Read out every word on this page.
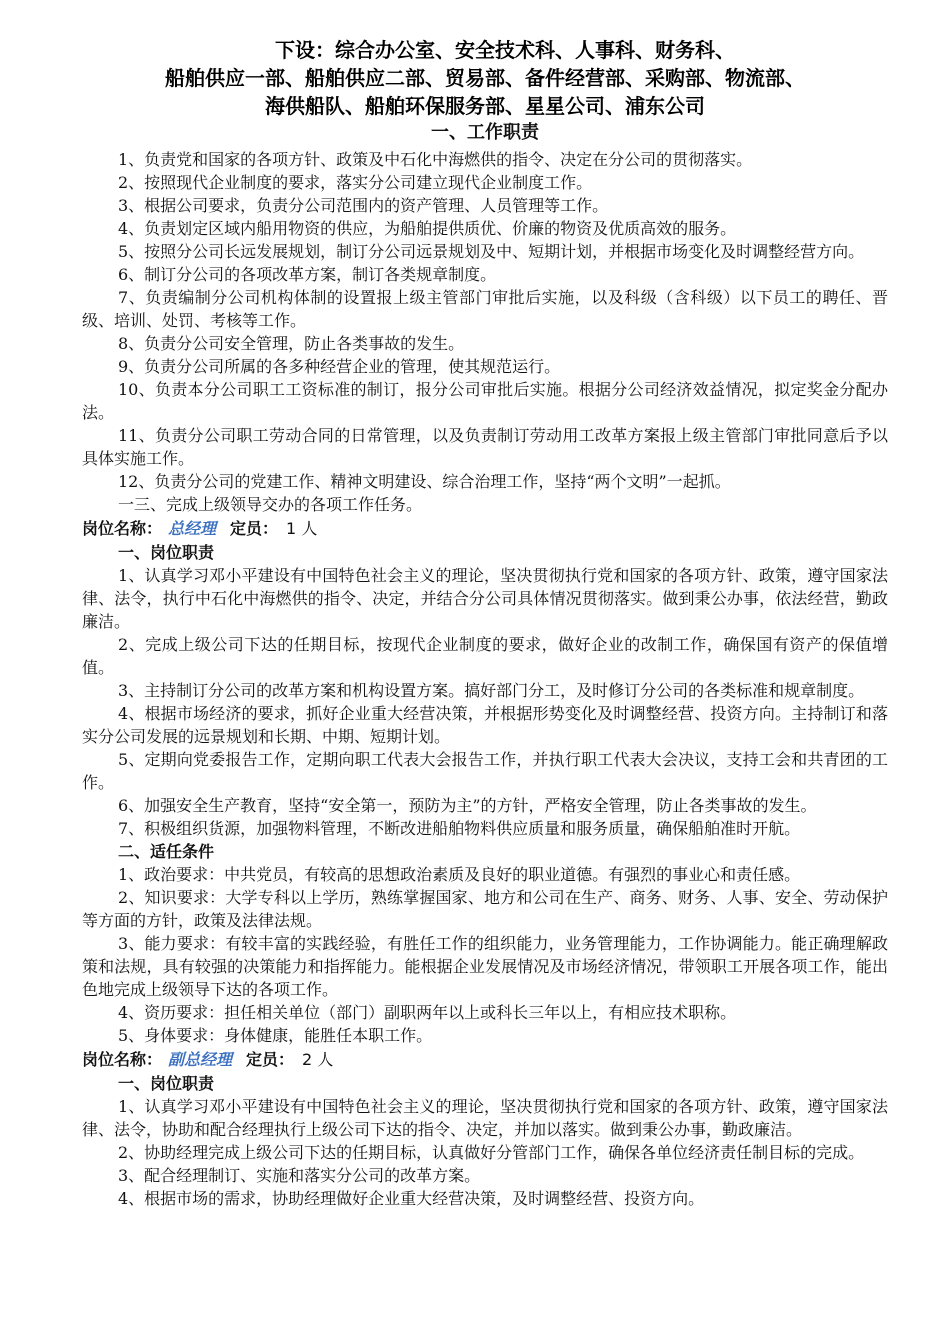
下设：综合办公室、安全技术科、人事科、财务科、
船舶供应一部、船舶供应二部、贸易部、备件经营部、采购部、物流部、
海供船队、船舶环保服务部、星星公司、浦东公司
一、工作职责

1、负责党和国家的各项方针、政策及中石化中海燃供的指令、决定在分公司的贯彻落实。

2、按照现代企业制度的要求，落实分公司建立现代企业制度工作。

3、根据公司要求，负责分公司范围内的资产管理、人员管理等工作。

4、负责划定区域内船用物资的供应，为船舶提供质优、价廉的物资及优质高效的服务。

5、按照分公司长远发展规划，制订分公司远景规划及中、短期计划，并根据市场变化及时调整经营方向。

6、制订分公司的各项改革方案，制订各类规章制度。

7、负责编制分公司机构体制的设置报上级主管部门审批后实施，以及科级（含科级）以下员工的聘任、晋级、培训、处罚、考核等工作。

8、负责分公司安全管理，防止各类事故的发生。

9、负责分公司所属的各多种经营企业的管理，使其规范运行。

10、负责本分公司职工工资标准的制订，报分公司审批后实施。根据分公司经济效益情况，拟定奖金分配办法。

11、负责分公司职工劳动合同的日常管理，以及负责制订劳动用工改革方案报上级主管部门审批同意后予以具体实施工作。

12、负责分公司的党建工作、精神文明建设、综合治理工作，坚持“两个文明”一起抓。

一三、完成上级领导交办的各项工作任务。

岗位名称： 总经理 定员： 1 人
一、岗位职责

1、认真学习邓小平建设有中国特色社会主义的理论，坚决贯彻执行党和国家的各项方针、政策，遵守国家法律、法令，执行中石化中海燃供的指令、决定，并结合分公司具体情况贯彻落实。做到秉公办事，依法经营，勤政廉洁。

2、完成上级公司下达的任期目标，按现代企业制度的要求，做好企业的改制工作，确保国有资产的保值增值。

3、主持制订分公司的改革方案和机构设置方案。搞好部门分工，及时修订分公司的各类标准和规章制度。

4、根据市场经济的要求，抓好企业重大经营决策，并根据形势变化及时调整经营、投资方向。主持制订和落实分公司发展的远景规划和长期、中期、短期计划。

5、定期向党委报告工作，定期向职工代表大会报告工作，并执行职工代表大会决议，支持工会和共青团的工作。

6、加强安全生产教育，坚持“安全第一，预防为主”的方针，严格安全管理，防止各类事故的发生。

7、积极组织货源，加强物料管理，不断改进船舶物料供应质量和服务质量，确保船舶准时开航。

二、适任条件

1、政治要求：中共党员，有较高的思想政治素质及良好的职业道德。有强烈的事业心和责任感。

2、知识要求：大学专科以上学历，熟练掌握国家、地方和公司在生产、商务、财务、人事、安全、劳动保护等方面的方针，政策及法律法规。

3、能力要求：有较丰富的实践经验，有胜任工作的组织能力，业务管理能力，工作协调能力。能正确理解政策和法规，具有较强的决策能力和指挥能力。能根据企业发展情况及市场经济情况，带领职工开展各项工作，能出色地完成上级领导下达的各项工作。

4、资历要求：担任相关单位（部门）副职两年以上或科长三年以上，有相应技术职称。

5、身体要求：身体健康，能胜任本职工作。

岗位名称： 副总经理 定员： 2 人
一、岗位职责

1、认真学习邓小平建设有中国特色社会主义的理论，坚决贯彻执行党和国家的各项方针、政策，遵守国家法律、法令，协助和配合经理执行上级公司下达的指令、决定，并加以落实。做到秉公办事，勤政廉洁。

2、协助经理完成上级公司下达的任期目标，认真做好分管部门工作，确保各单位经济责任制目标的完成。

3、配合经理制订、实施和落实分公司的改革方案。

4、根据市场的需求，协助经理做好企业重大经营决策，及时调整经营、投资方向。
